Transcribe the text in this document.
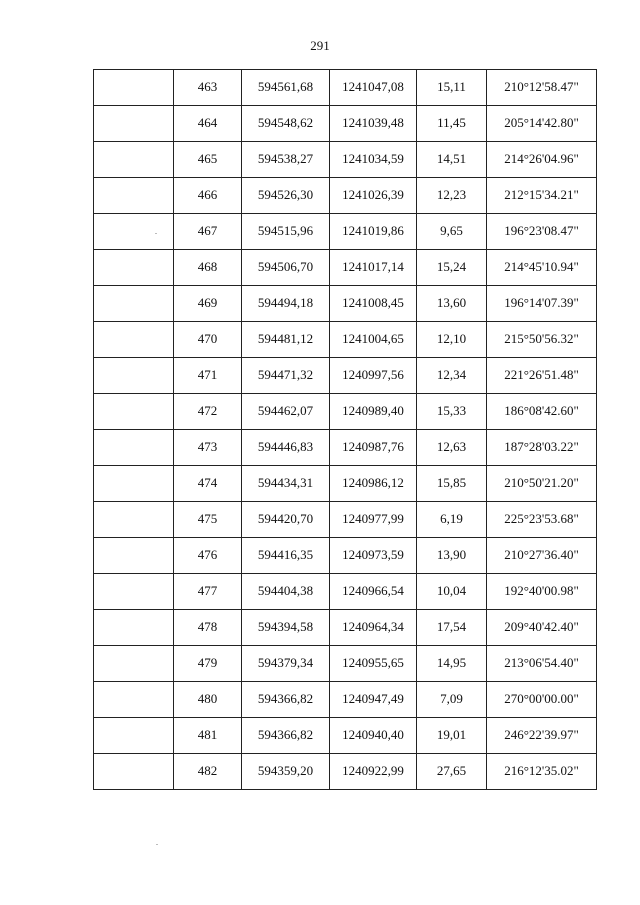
291
	463	594561,68	1241047,08	15,11	210°12'58.47"
	464	594548,62	1241039,48	11,45	205°14'42.80"
	465	594538,27	1241034,59	14,51	214°26'04.96"
	466	594526,30	1241026,39	12,23	212°15'34.21"
	467	594515,96	1241019,86	9,65	196°23'08.47"
	468	594506,70	1241017,14	15,24	214°45'10.94"
	469	594494,18	1241008,45	13,60	196°14'07.39"
	470	594481,12	1241004,65	12,10	215°50'56.32"
	471	594471,32	1240997,56	12,34	221°26'51.48"
	472	594462,07	1240989,40	15,33	186°08'42.60"
	473	594446,83	1240987,76	12,63	187°28'03.22"
	474	594434,31	1240986,12	15,85	210°50'21.20"
	475	594420,70	1240977,99	6,19	225°23'53.68"
	476	594416,35	1240973,59	13,90	210°27'36.40"
	477	594404,38	1240966,54	10,04	192°40'00.98"
	478	594394,58	1240964,34	17,54	209°40'42.40"
	479	594379,34	1240955,65	14,95	213°06'54.40"
	480	594366,82	1240947,49	7,09	270°00'00.00"
	481	594366,82	1240940,40	19,01	246°22'39.97"
	482	594359,20	1240922,99	27,65	216°12'35.02"
